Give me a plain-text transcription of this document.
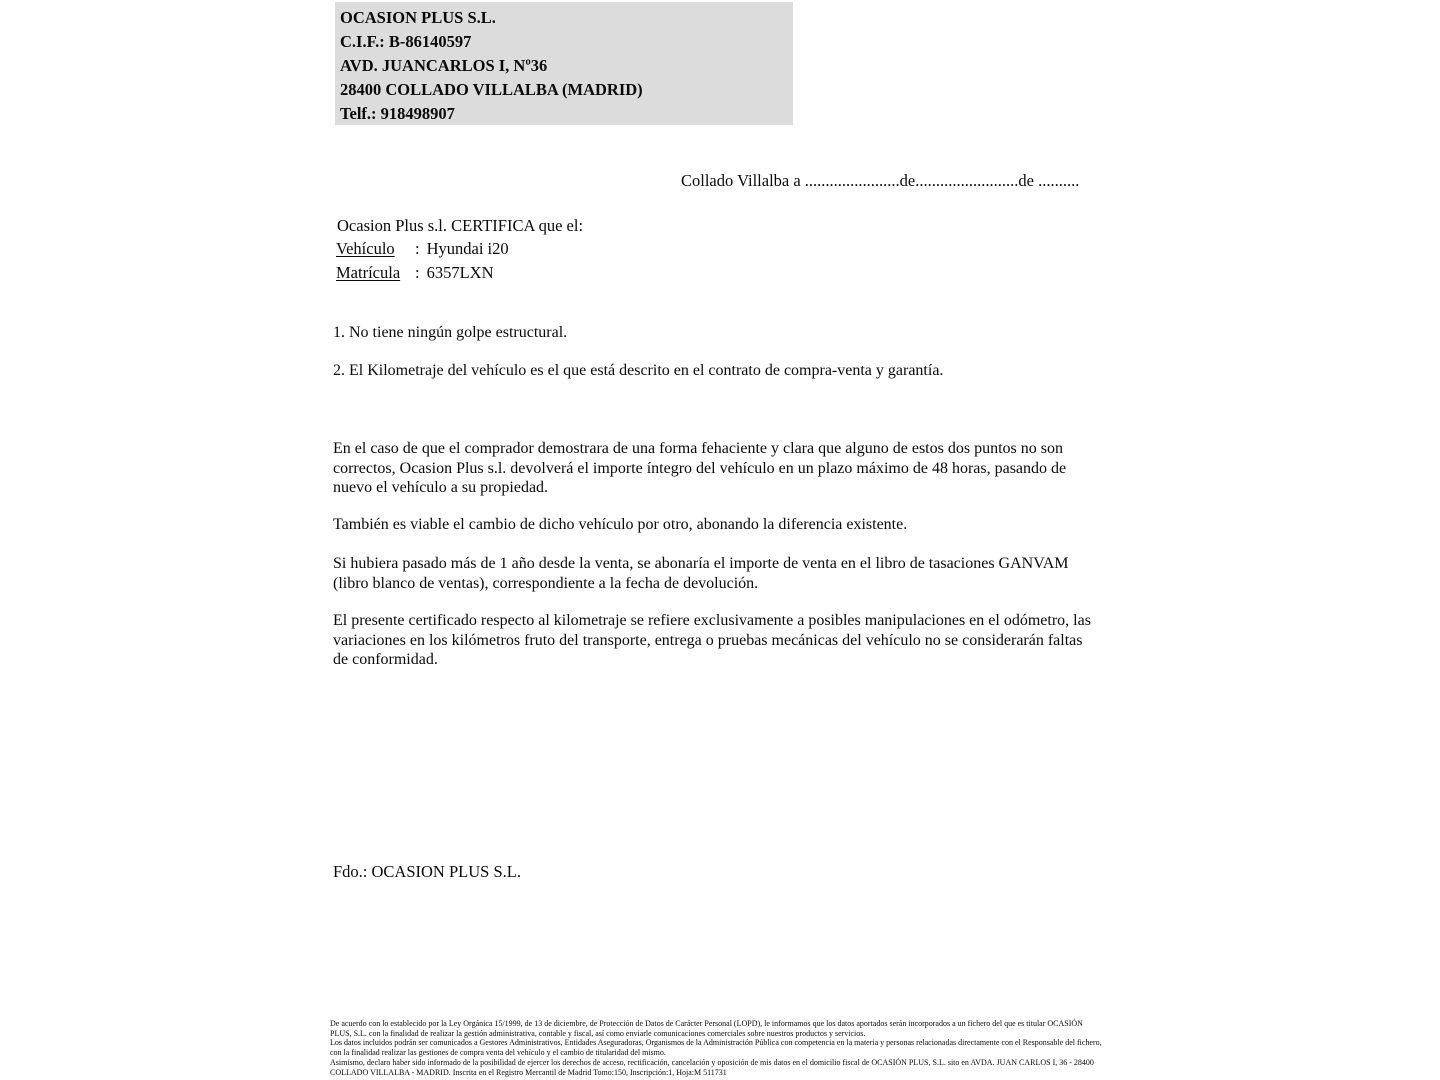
OCASION PLUS S.L.
C.I.F.: B-86140597
AVD. JUANCARLOS I, Nº36
28400 COLLADO VILLALBA (MADRID)
Telf.: 918498907
Collado Villalba a .......................de.........................de ..........
Ocasion Plus s.l. CERTIFICA que el:
Vehículo : Hyundai i20
Matrícula : 6357LXN
1. No tiene ningún golpe estructural.
2. El Kilometraje del vehículo es el que está descrito en el contrato de compra-venta y garantía.
En el caso de que el comprador demostrara de una forma fehaciente y clara que alguno de estos dos puntos no son correctos, Ocasion Plus s.l. devolverá el importe íntegro del vehículo en un plazo máximo de 48 horas, pasando de nuevo el vehículo a su propiedad.
También es viable el cambio de dicho vehículo por otro, abonando la diferencia existente.
Si hubiera pasado más de 1 año desde la venta, se abonaría el importe de venta en el libro de tasaciones GANVAM (libro blanco de ventas), correspondiente a la fecha de devolución.
El presente certificado respecto al kilometraje se refiere exclusivamente a posibles manipulaciones en el odómetro, las variaciones en los kilómetros fruto del transporte, entrega o pruebas mecánicas del vehículo no se considerarán faltas de conformidad.
Fdo.: OCASION PLUS S.L.

De acuerdo con lo establecido por la Ley Orgánica 15/1999, de 13 de diciembre, de Protección de Datos de Carácter Personal (LOPD), le informamos que los datos aportados serán incorporados a un fichero del que es titular OCASIÓN PLUS, S.L. con la finalidad de realizar la gestión administrativa, contable y fiscal, así como enviarle comunicaciones comerciales sobre nuestros productos y servicios.

Los datos incluidos podrán ser comunicados a Gestores Administrativos, Entidades Aseguradoras, Organismos de la Administración Pública con competencia en la materia y personas relacionadas directamente con el Responsable del fichero, con la finalidad realizar las gestiones de compra venta del vehículo y el cambio de titularidad del mismo.

Asimismo, declaro haber sido informado de la posibilidad de ejercer los derechos de acceso, rectificación, cancelación y oposición de mis datos en el domicilio fiscal de OCASIÓN PLUS, S.L. sito en AVDA. JUAN CARLOS I, 36 - 28400 COLLADO VILLALBA - MADRID. Inscrita en el Registro Mercantil de Madrid Tomo:150, Inscripción:1, Hoja:M 511731
